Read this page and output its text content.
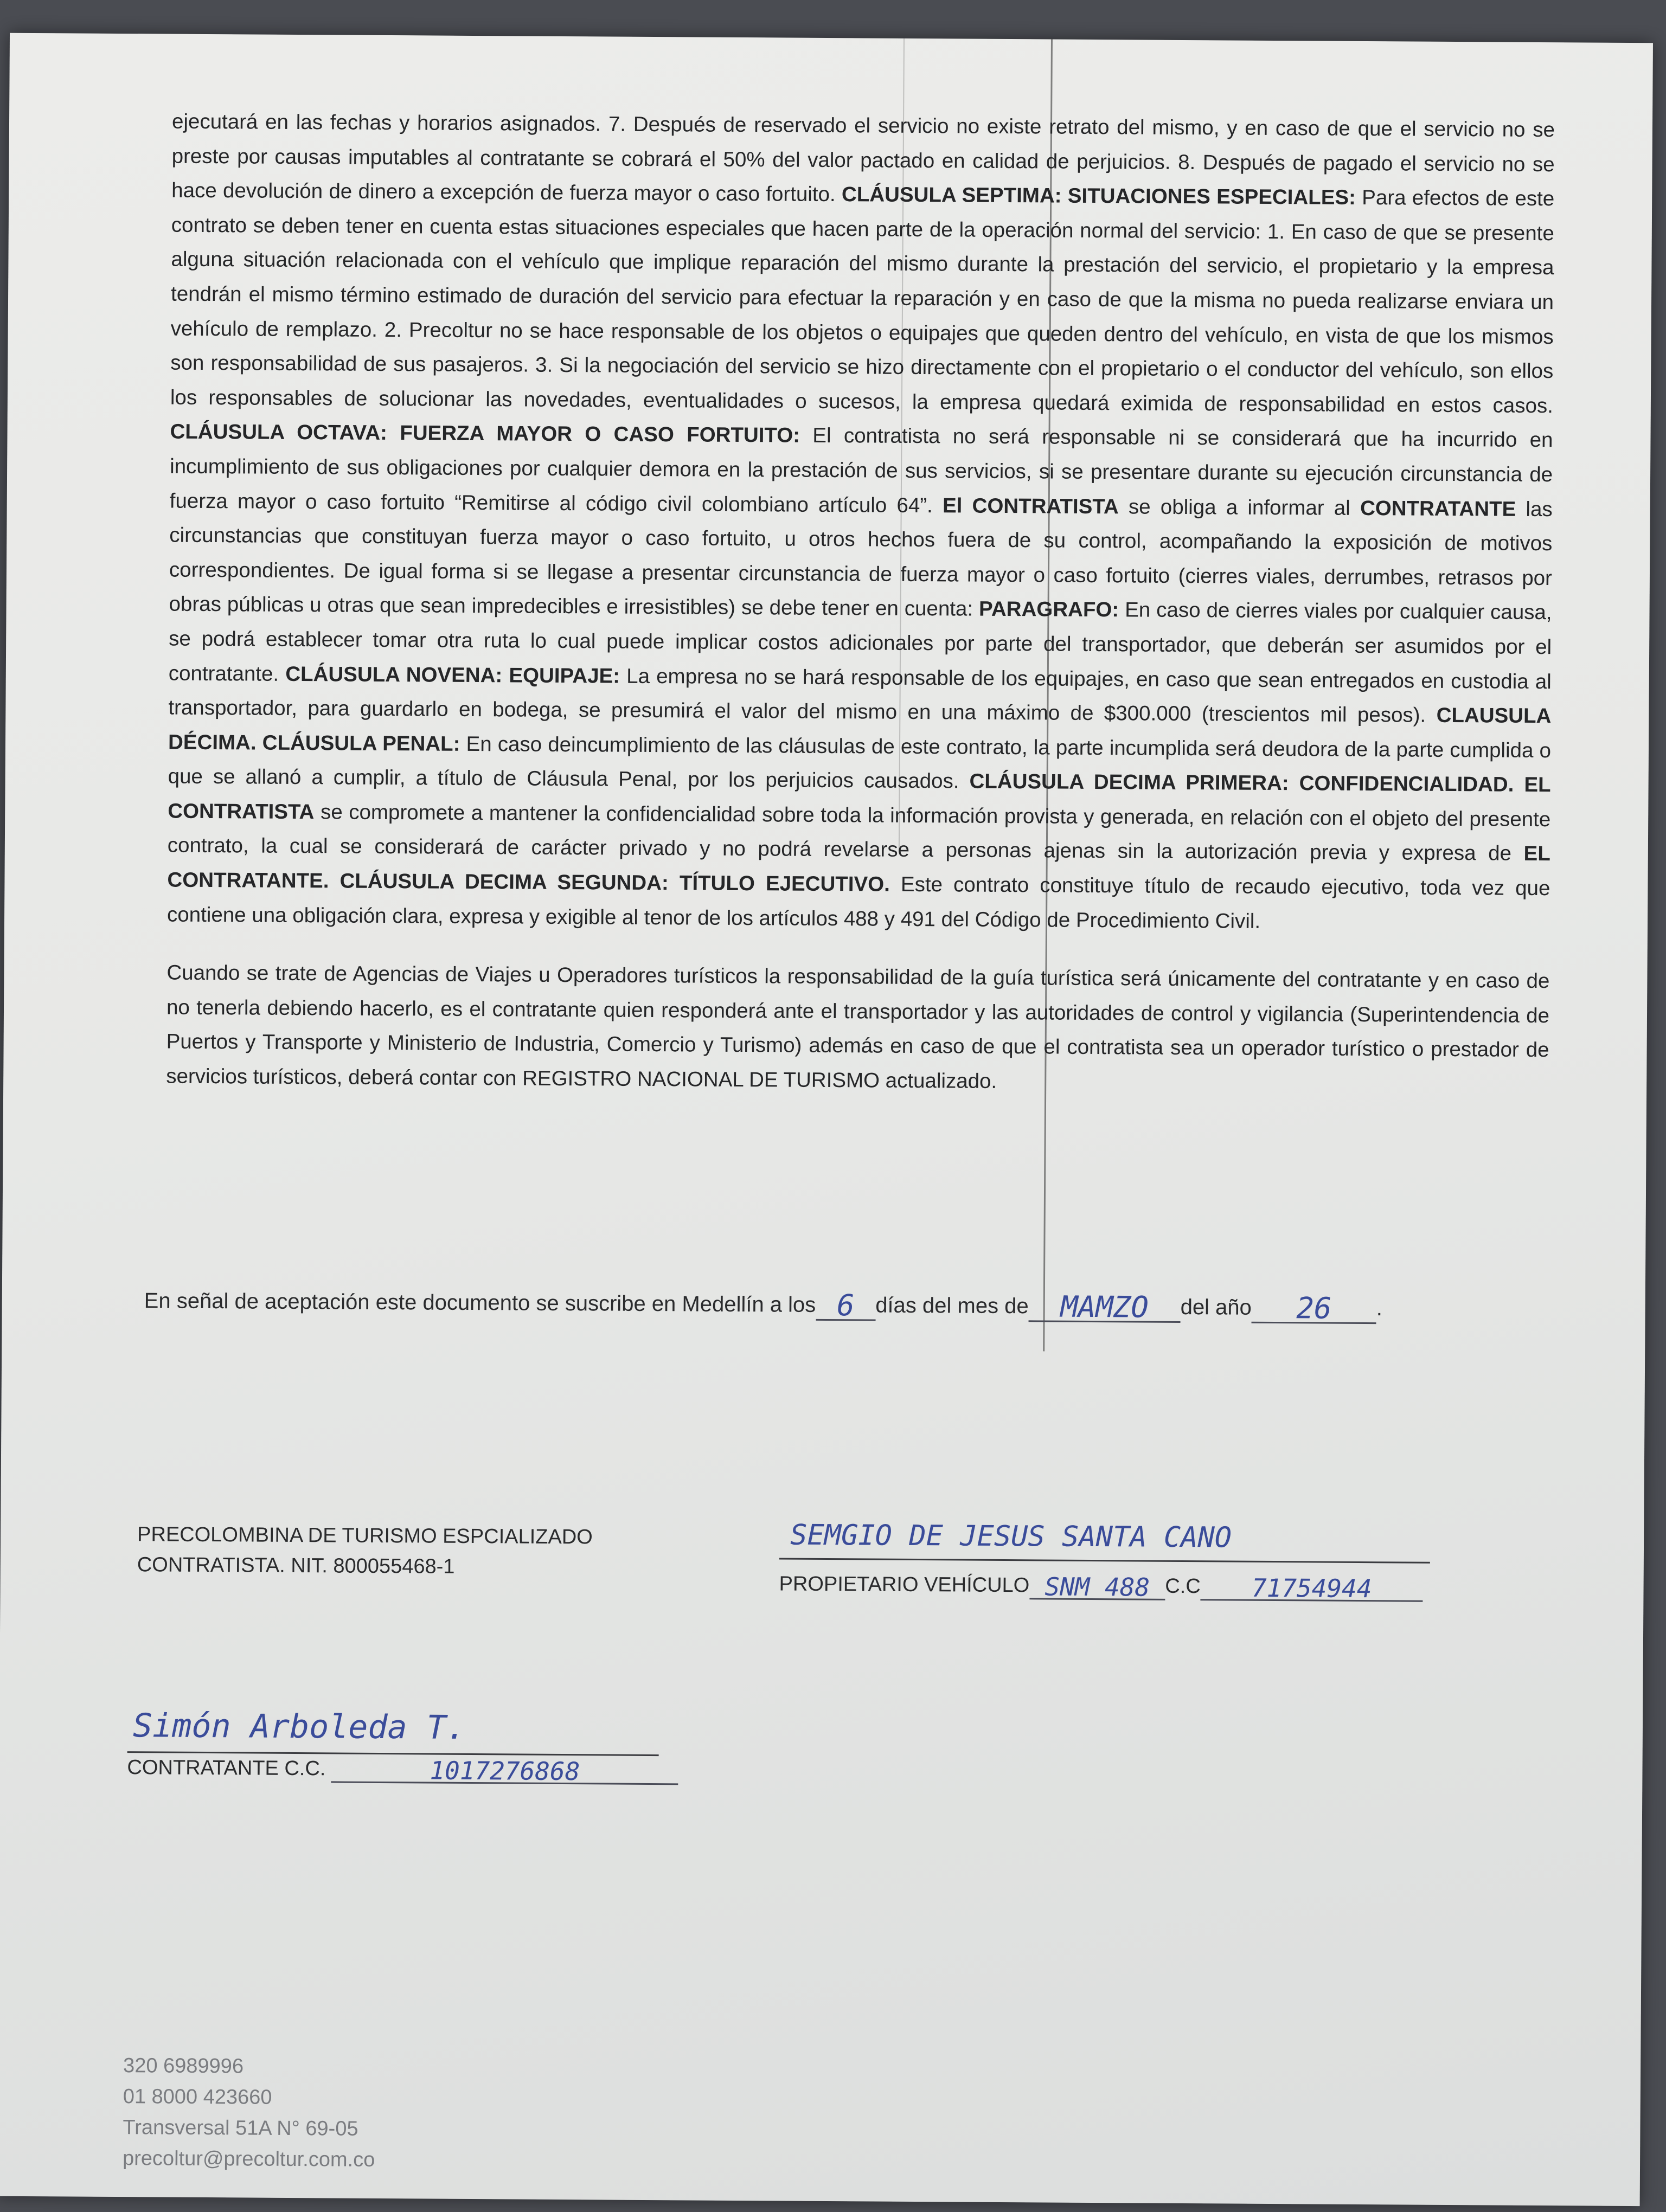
ejecutará en las fechas y horarios asignados. 7. Después de reservado el servicio no existe retrato del mismo, y en caso de que el servicio no se preste por causas imputables al contratante se cobrará el 50% del valor pactado en calidad de perjuicios. 8. Después de pagado el servicio no se hace devolución de dinero a excepción de fuerza mayor o caso fortuito. CLÁUSULA SEPTIMA: SITUACIONES ESPECIALES: Para efectos de este contrato se deben tener en cuenta estas situaciones especiales que hacen parte de la operación normal del servicio: 1. En caso de que se presente alguna situación relacionada con el vehículo que implique reparación del mismo durante la prestación del servicio, el propietario y la empresa tendrán el mismo término estimado de duración del servicio para efectuar la reparación y en caso de que la misma no pueda realizarse enviara un vehículo de remplazo. 2. Precoltur no se hace responsable de los objetos o equipajes que queden dentro del vehículo, en vista de que los mismos son responsabilidad de sus pasajeros. 3. Si la negociación del servicio se hizo directamente con el propietario o el conductor del vehículo, son ellos los responsables de solucionar las novedades, eventualidades o sucesos, la empresa quedará eximida de responsabilidad en estos casos. CLÁUSULA OCTAVA: FUERZA MAYOR O CASO FORTUITO: El contratista no será responsable ni se considerará que ha incurrido en incumplimiento de sus obligaciones por cualquier demora en la prestación de sus servicios, si se presentare durante su ejecución circunstancia de fuerza mayor o caso fortuito “Remitirse al código civil colombiano artículo 64”. El CONTRATISTA se obliga a informar al CONTRATANTE las circunstancias que constituyan fuerza mayor o caso fortuito, u otros hechos fuera de su control, acompañando la exposición de motivos correspondientes. De igual forma si se llegase a presentar circunstancia de fuerza mayor o caso fortuito (cierres viales, derrumbes, retrasos por obras públicas u otras que sean impredecibles e irresistibles) se debe tener en cuenta: PARAGRAFO: En caso de cierres viales por cualquier causa, se podrá establecer tomar otra ruta lo cual puede implicar costos adicionales por parte del transportador, que deberán ser asumidos por el contratante. CLÁUSULA NOVENA: EQUIPAJE: La empresa no se hará responsable de los equipajes, en caso que sean entregados en custodia al transportador, para guardarlo en bodega, se presumirá el valor del mismo en una máximo de $300.000 (trescientos mil pesos). CLAUSULA DÉCIMA. CLÁUSULA PENAL: En caso deincumplimiento de las cláusulas de este contrato, la parte incumplida será deudora de la parte cumplida o que se allanó a cumplir, a título de Cláusula Penal, por los perjuicios causados. CLÁUSULA DECIMA PRIMERA: CONFIDENCIALIDAD. EL CONTRATISTA se compromete a mantener la confidencialidad sobre toda la información provista y generada, en relación con el objeto del presente contrato, la cual se considerará de carácter privado y no podrá revelarse a personas ajenas sin la autorización previa y expresa de EL CONTRATANTE. CLÁUSULA DECIMA SEGUNDA: TÍTULO EJECUTIVO. Este contrato constituye título de recaudo ejecutivo, toda vez que contiene una obligación clara, expresa y exigible al tenor de los artículos 488 y 491 del Código de Procedimiento Civil.

Cuando se trate de Agencias de Viajes u Operadores turísticos la responsabilidad de la guía turística será únicamente del contratante y en caso de no tenerla debiendo hacerlo, es el contratante quien responderá ante el transportador y las autoridades de control y vigilancia (Superintendencia de Puertos y Transporte y Ministerio de Industria, Comercio y Turismo) además en caso de que el contratista sea un operador turístico o prestador de servicios turísticos, deberá contar con REGISTRO NACIONAL DE TURISMO actualizado.

En señal de aceptación este documento se suscribe en Medellín a los 6 días del mes de MAMZO del año 26 .
PRECOLOMBINA DE TURISMO ESPCIALIZADO
CONTRATISTA. NIT. 800055468-1
SEMGIO DE JESUS SANTA CANO
PROPIETARIO VEHÍCULO SNM 488 C.C 71754944
Simón Arboleda T.
CONTRATANTE C.C.	1017276868
320 6989996
01 8000 423660
Transversal 51A N° 69-05
precoltur@precoltur.com.co
